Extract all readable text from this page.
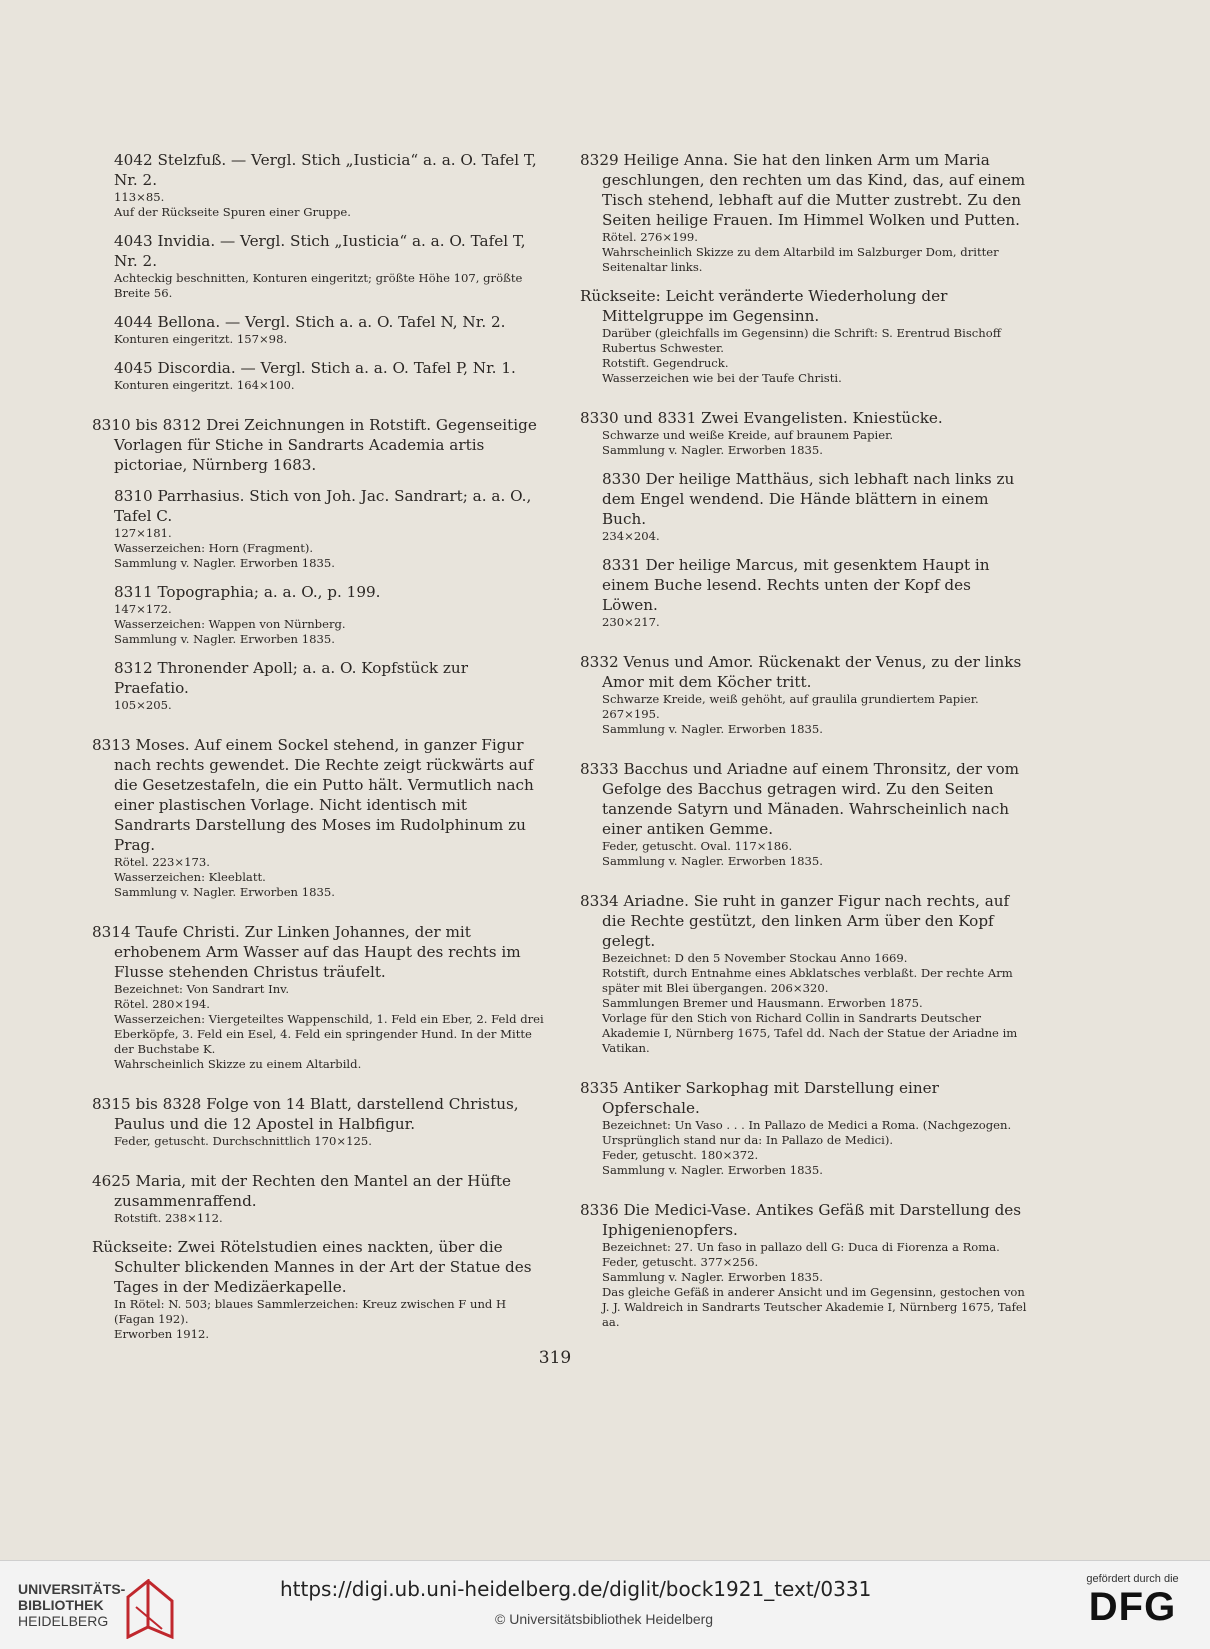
4042 Stelzfuß. — Vergl. Stich „Iusticia“ a. a. O. Tafel T, Nr. 2.

113×85.

Auf der Rückseite Spuren einer Gruppe.

4043 Invidia. — Vergl. Stich „Iusticia“ a. a. O. Tafel T, Nr. 2.

Achteckig beschnitten, Konturen eingeritzt; größte Höhe 107, größte Breite 56.

4044 Bellona. — Vergl. Stich a. a. O. Tafel N, Nr. 2.

Konturen eingeritzt. 157×98.

4045 Discordia. — Vergl. Stich a. a. O. Tafel P, Nr. 1.

Konturen eingeritzt. 164×100.

8310 bis 8312 Drei Zeichnungen in Rotstift. Gegenseitige Vorlagen für Stiche in Sandrarts Academia artis pictoriae, Nürnberg 1683.

8310 Parrhasius. Stich von Joh. Jac. Sandrart; a. a. O., Tafel C.

127×181.

Wasserzeichen: Horn (Fragment).

Sammlung v. Nagler. Erworben 1835.

8311 Topographia; a. a. O., p. 199.

147×172.

Wasserzeichen: Wappen von Nürnberg.

Sammlung v. Nagler. Erworben 1835.

8312 Thronender Apoll; a. a. O. Kopfstück zur Praefatio.

105×205.

8313 Moses. Auf einem Sockel stehend, in ganzer Figur nach rechts gewendet. Die Rechte zeigt rückwärts auf die Gesetzestafeln, die ein Putto hält. Vermutlich nach einer plastischen Vorlage. Nicht identisch mit Sandrarts Darstellung des Moses im Rudolphinum zu Prag.

Rötel. 223×173.

Wasserzeichen: Kleeblatt.

Sammlung v. Nagler. Erworben 1835.

8314 Taufe Christi. Zur Linken Johannes, der mit erhobenem Arm Wasser auf das Haupt des rechts im Flusse stehenden Christus träufelt.

Bezeichnet: Von Sandrart Inv.

Rötel. 280×194.

Wasserzeichen: Viergeteiltes Wappenschild, 1. Feld ein Eber, 2. Feld drei Eberköpfe, 3. Feld ein Esel, 4. Feld ein springender Hund. In der Mitte der Buchstabe K.

Wahrscheinlich Skizze zu einem Altarbild.

8315 bis 8328 Folge von 14 Blatt, darstellend Christus, Paulus und die 12 Apostel in Halbfigur.

Feder, getuscht. Durchschnittlich 170×125.

4625 Maria, mit der Rechten den Mantel an der Hüfte zusammenraffend.

Rotstift. 238×112.

Rückseite: Zwei Rötelstudien eines nackten, über die Schulter blickenden Mannes in der Art der Statue des Tages in der Medizäerkapelle.

In Rötel: N. 503; blaues Sammlerzeichen: Kreuz zwischen F und H (Fagan 192).

Erworben 1912.

8329 Heilige Anna. Sie hat den linken Arm um Maria geschlungen, den rechten um das Kind, das, auf einem Tisch stehend, lebhaft auf die Mutter zustrebt. Zu den Seiten heilige Frauen. Im Himmel Wolken und Putten.

Rötel. 276×199.

Wahrscheinlich Skizze zu dem Altarbild im Salzburger Dom, dritter Seitenaltar links.

Rückseite: Leicht veränderte Wiederholung der Mittelgruppe im Gegensinn.

Darüber (gleichfalls im Gegensinn) die Schrift: S. Erentrud Bischoff Rubertus Schwester.

Rotstift. Gegendruck.

Wasserzeichen wie bei der Taufe Christi.

8330 und 8331 Zwei Evangelisten. Kniestücke.

Schwarze und weiße Kreide, auf braunem Papier.

Sammlung v. Nagler. Erworben 1835.

8330 Der heilige Matthäus, sich lebhaft nach links zu dem Engel wendend. Die Hände blättern in einem Buch.

234×204.

8331 Der heilige Marcus, mit gesenktem Haupt in einem Buche lesend. Rechts unten der Kopf des Löwen.

230×217.

8332 Venus und Amor. Rückenakt der Venus, zu der links Amor mit dem Köcher tritt.

Schwarze Kreide, weiß gehöht, auf graulila grundiertem Papier.

267×195.

Sammlung v. Nagler. Erworben 1835.

8333 Bacchus und Ariadne auf einem Thronsitz, der vom Gefolge des Bacchus getragen wird. Zu den Seiten tanzende Satyrn und Mänaden. Wahrscheinlich nach einer antiken Gemme.

Feder, getuscht. Oval. 117×186.

Sammlung v. Nagler. Erworben 1835.

8334 Ariadne. Sie ruht in ganzer Figur nach rechts, auf die Rechte gestützt, den linken Arm über den Kopf gelegt.

Bezeichnet: D den 5 November Stockau Anno 1669.

Rotstift, durch Entnahme eines Abklatsches verblaßt. Der rechte Arm später mit Blei übergangen. 206×320.

Sammlungen Bremer und Hausmann. Erworben 1875.

Vorlage für den Stich von Richard Collin in Sandrarts Deutscher Akademie I, Nürnberg 1675, Tafel dd. Nach der Statue der Ariadne im Vatikan.

8335 Antiker Sarkophag mit Darstellung einer Opferschale.

Bezeichnet: Un Vaso . . . In Pallazo de Medici a Roma. (Nachgezogen. Ursprünglich stand nur da: In Pallazo de Medici).

Feder, getuscht. 180×372.

Sammlung v. Nagler. Erworben 1835.

8336 Die Medici-Vase. Antikes Gefäß mit Darstellung des Iphigenienopfers.

Bezeichnet: 27. Un faso in pallazo dell G: Duca di Fiorenza a Roma.

Feder, getuscht. 377×256.

Sammlung v. Nagler. Erworben 1835.

Das gleiche Gefäß in anderer Ansicht und im Gegensinn, gestochen von J. J. Waldreich in Sandrarts Teutscher Akademie I, Nürnberg 1675, Tafel aa.

319
UNIVERSITÄTS-
BIBLIOTHEK
HEIDELBERG
https://digi.ub.uni-heidelberg.de/diglit/bock1921_text/0331
© Universitätsbibliothek Heidelberg
gefördert durch die
DFG
